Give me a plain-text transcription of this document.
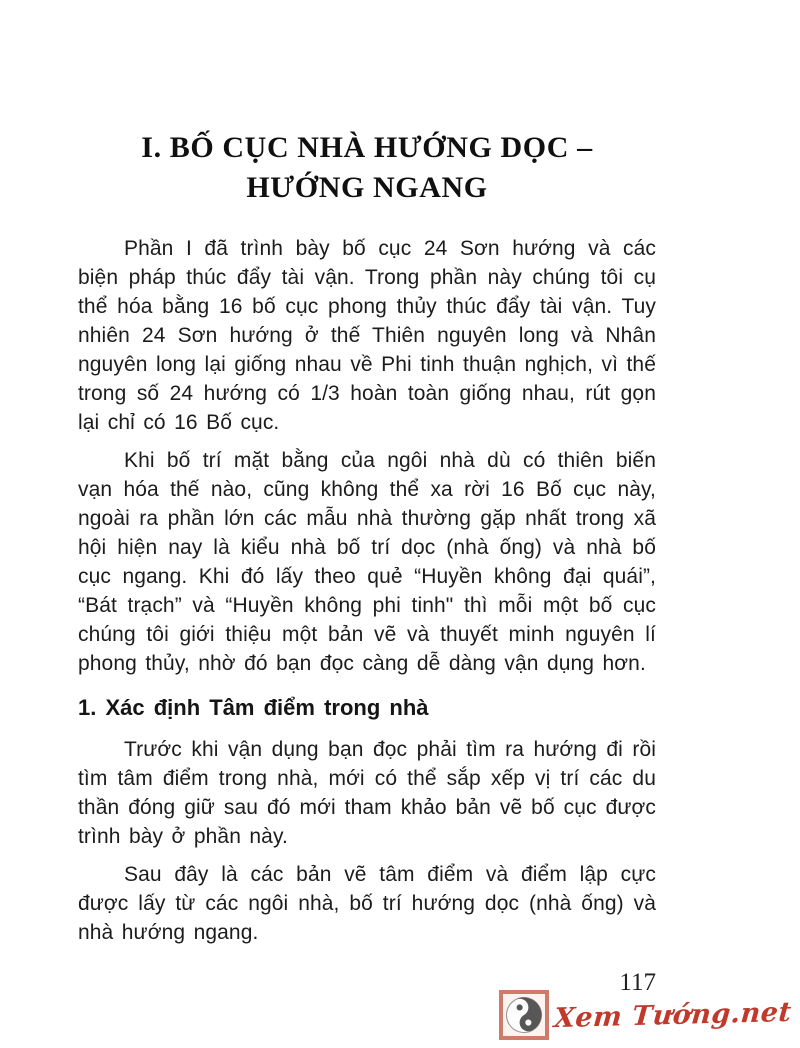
I. BỐ CỤC NHÀ HƯỚNG DỌC –
HƯỚNG NGANG

Phần I đã trình bày bố cục 24 Sơn hướng và các biện pháp thúc đẩy tài vận. Trong phần này chúng tôi cụ thể hóa bằng 16 bố cục phong thủy thúc đẩy tài vận. Tuy nhiên 24 Sơn hướng ở thế Thiên nguyên long và Nhân nguyên long lại giống nhau về Phi tinh thuận nghịch, vì thế trong số 24 hướng có 1/3 hoàn toàn giống nhau, rút gọn lại chỉ có 16 Bố cục.

Khi bố trí mặt bằng của ngôi nhà dù có thiên biến vạn hóa thế nào, cũng không thể xa rời 16 Bố cục này, ngoài ra phần lớn các mẫu nhà thường gặp nhất trong xã hội hiện nay là kiểu nhà bố trí dọc (nhà ống) và nhà bố cục ngang. Khi đó lấy theo quẻ “Huyền không đại quái”, “Bát trạch” và “Huyền không phi tinh" thì mỗi một bố cục chúng tôi giới thiệu một bản vẽ và thuyết minh nguyên lí phong thủy, nhờ đó bạn đọc càng dễ dàng vận dụng hơn.

1. Xác định Tâm điểm trong nhà

Trước khi vận dụng bạn đọc phải tìm ra hướng đi rồi tìm tâm điểm trong nhà, mới có thể sắp xếp vị trí các du thần đóng giữ sau đó mới tham khảo bản vẽ bố cục được trình bày ở phần này.

Sau đây là các bản vẽ tâm điểm và điểm lập cực được lấy từ các ngôi nhà, bố trí hướng dọc (nhà ống) và nhà hướng ngang.

117
Xem Tướng.net
